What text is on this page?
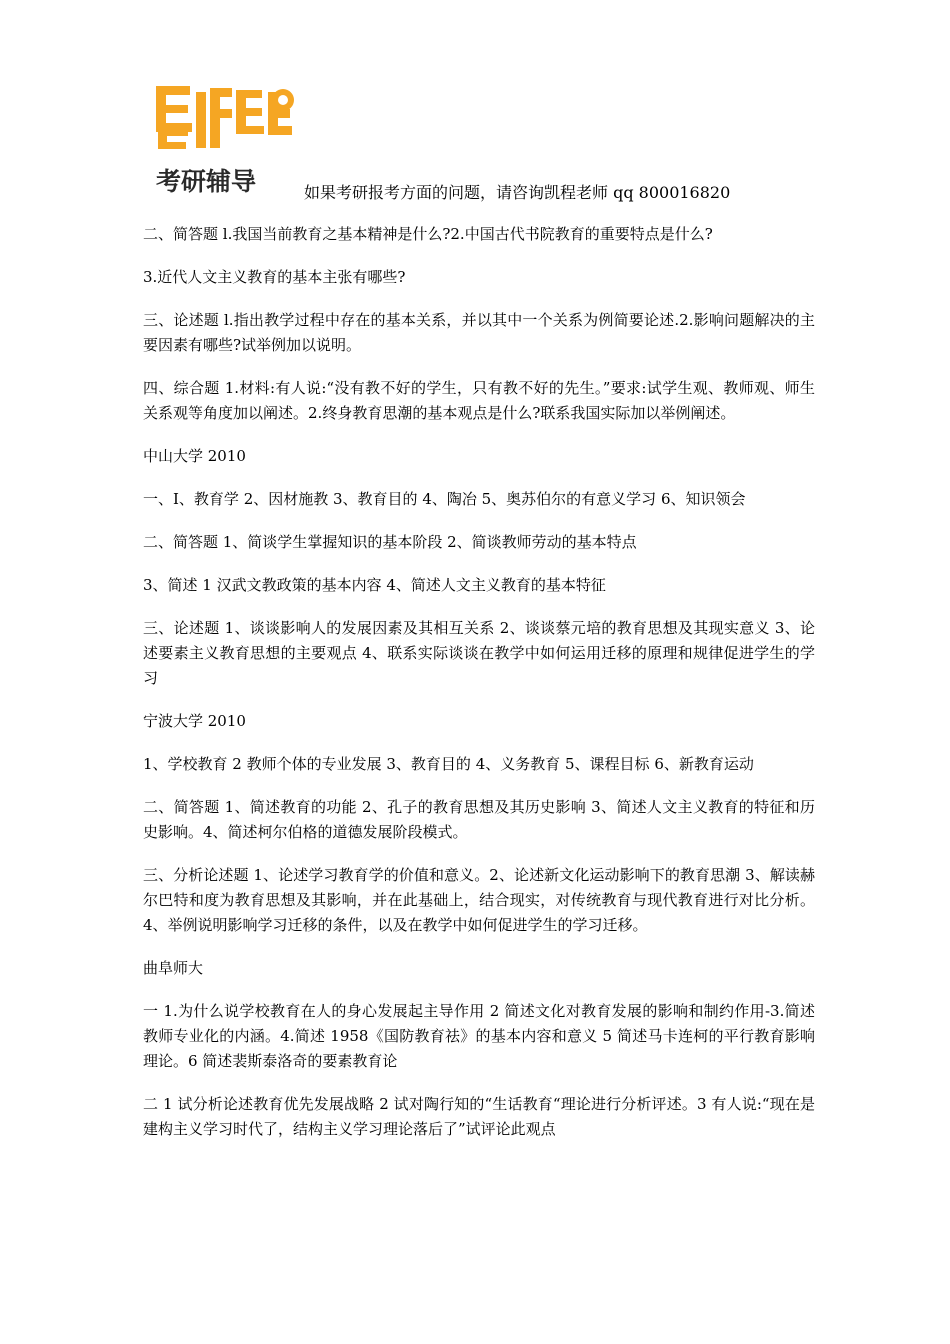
考研辅导	如果考研报考方面的问题，请咨询凯程老师 qq 800016820

二、简答题 l.我国当前教育之基本精神是什么?2.中国古代书院教育的重要特点是什么?

3.近代人文主义教育的基本主张有哪些?

三、论述题 l.指出教学过程中存在的基本关系，并以其中一个关系为例简要论述.2.影响问题解决的主要因素有哪些?试举例加以说明。

四、综合题 1.材料:有人说:“没有教不好的学生，只有教不好的先生。”要求:试学生观、教师观、师生关系观等角度加以阐述。2.终身教育思潮的基本观点是什么?联系我国实际加以举例阐述。

中山大学 2010

一、I、教育学 2、因材施教 3、教育目的 4、陶冶 5、奥苏伯尔的有意义学习 6、知识领会

二、简答题 1、简谈学生掌握知识的基本阶段 2、简谈教师劳动的基本特点

3、简述 1 汉武文教政策的基本内容 4、简述人文主义教育的基本特征

三、论述题 1、谈谈影响人的发展因素及其相互关系 2、谈谈蔡元培的教育思想及其现实意义 3、论述要素主义教育思想的主要观点 4、联系实际谈谈在教学中如何运用迁移的原理和规律促进学生的学习

宁波大学 2010

1、学校教育 2 教师个体的专业发展 3、教育目的 4、义务教育 5、课程目标 6、新教育运动

二、简答题 1、简述教育的功能 2、孔子的教育思想及其历史影响 3、简述人文主义教育的特征和历史影响。4、简述柯尔伯格的道德发展阶段模式。

三、分析论述题 1、论述学习教育学的价值和意义。2、论述新文化运动影响下的教育思潮 3、解读赫尔巴特和度为教育思想及其影响，并在此基础上，结合现实，对传统教育与现代教育进行对比分析。4、举例说明影响学习迁移的条件，以及在教学中如何促进学生的学习迁移。

曲阜师大

一 1.为什么说学校教育在人的身心发展起主导作用 2 简述文化对教育发展的影响和制约作用-3.简述教师专业化的内涵。4.简述 1958《国防教育祛》的基本内容和意义 5 简述马卡连柯的平行教育影响理论。6 简述裴斯泰洛奇的要素教育论

二 1 试分析论述教育优先发展战略 2 试对陶行知的“生话教育“理论进行分析评述。3 有人说:“现在是建构主义学习时代了，结构主义学习理论落后了”试评论此观点
